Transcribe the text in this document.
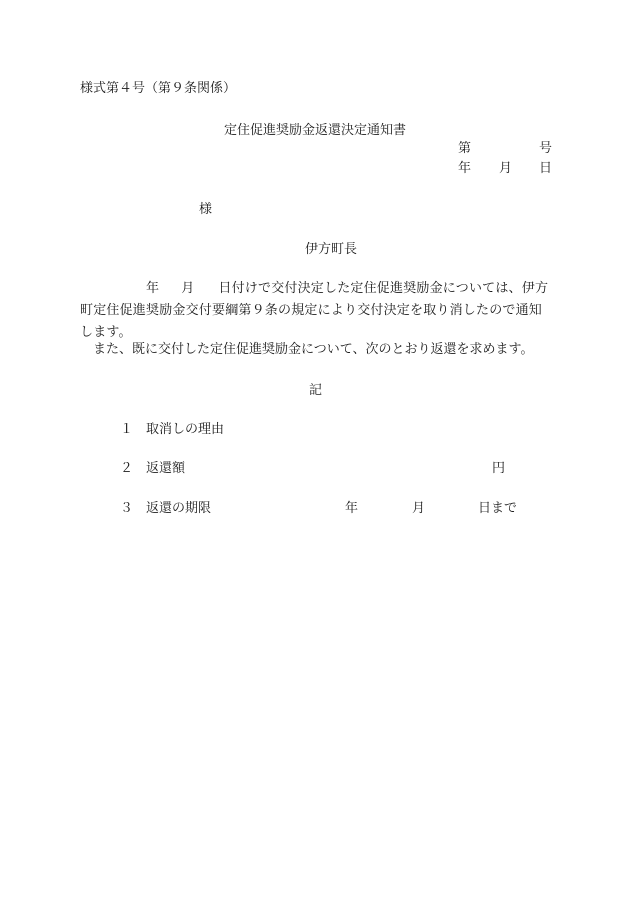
様式第４号（第９条関係）
定住促進奨励金返還決定通知書
第	号
年 月 日
様
伊方町長
年 月 日付けで交付決定した定住促進奨励金については、伊方町定住促進奨励金交付要綱第９条の規定により交付決定を取り消したので通知します。
　また、既に交付した定住促進奨励金について、次のとおり返還を求めます。
記
１ 取消しの理由
２ 返還額	円
３ 返還の期限	年	月	日まで
